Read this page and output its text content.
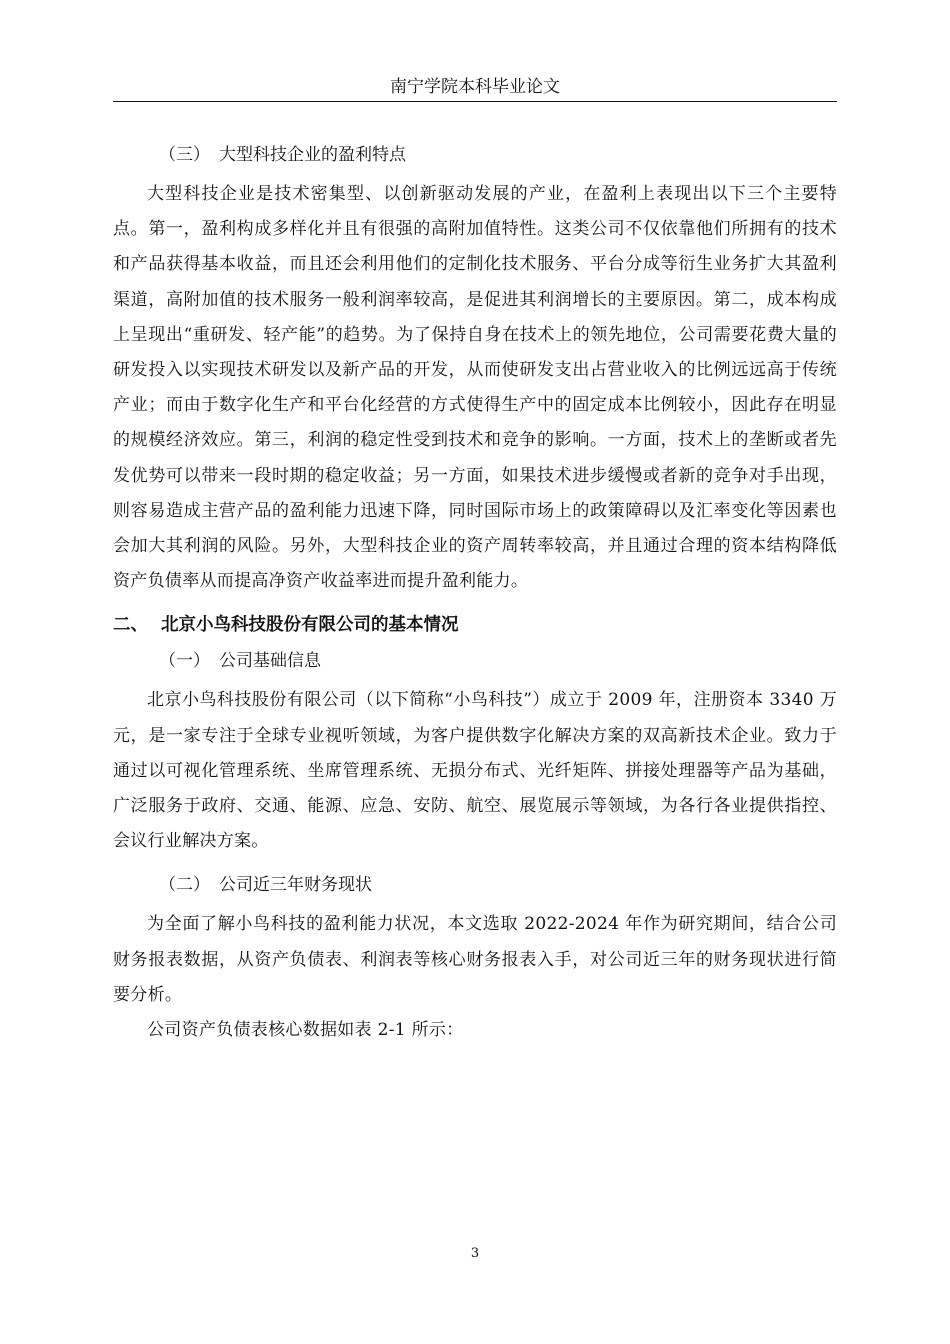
南宁学院本科毕业论文
（三） 大型科技企业的盈利特点

大型科技企业是技术密集型、以创新驱动发展的产业，在盈利上表现出以下三个主要特点。第一，盈利构成多样化并且有很强的高附加值特性。这类公司不仅依靠他们所拥有的技术和产品获得基本收益，而且还会利用他们的定制化技术服务、平台分成等衍生业务扩大其盈利渠道，高附加值的技术服务一般利润率较高，是促进其利润增长的主要原因。第二，成本构成上呈现出“重研发、轻产能”的趋势。为了保持自身在技术上的领先地位，公司需要花费大量的研发投入以实现技术研发以及新产品的开发，从而使研发支出占营业收入的比例远远高于传统产业；而由于数字化生产和平台化经营的方式使得生产中的固定成本比例较小，因此存在明显的规模经济效应。第三，利润的稳定性受到技术和竞争的影响。一方面，技术上的垄断或者先发优势可以带来一段时期的稳定收益；另一方面，如果技术进步缓慢或者新的竞争对手出现，则容易造成主营产品的盈利能力迅速下降，同时国际市场上的政策障碍以及汇率变化等因素也会加大其利润的风险。另外，大型科技企业的资产周转率较高，并且通过合理的资本结构降低资产负债率从而提高净资产收益率进而提升盈利能力。

二、 北京小鸟科技股份有限公司的基本情况
（一） 公司基础信息

北京小鸟科技股份有限公司（以下简称“小鸟科技”）成立于 2009 年，注册资本 3340 万元，是一家专注于全球专业视听领域，为客户提供数字化解决方案的双高新技术企业。致力于通过以可视化管理系统、坐席管理系统、无损分布式、光纤矩阵、拼接处理器等产品为基础，广泛服务于政府、交通、能源、应急、安防、航空、展览展示等领域，为各行各业提供指控、会议行业解决方案。

（二） 公司近三年财务现状

为全面了解小鸟科技的盈利能力状况，本文选取 2022-2024 年作为研究期间，结合公司财务报表数据，从资产负债表、利润表等核心财务报表入手，对公司近三年的财务现状进行简要分析。

公司资产负债表核心数据如表 2-1 所示：

3
